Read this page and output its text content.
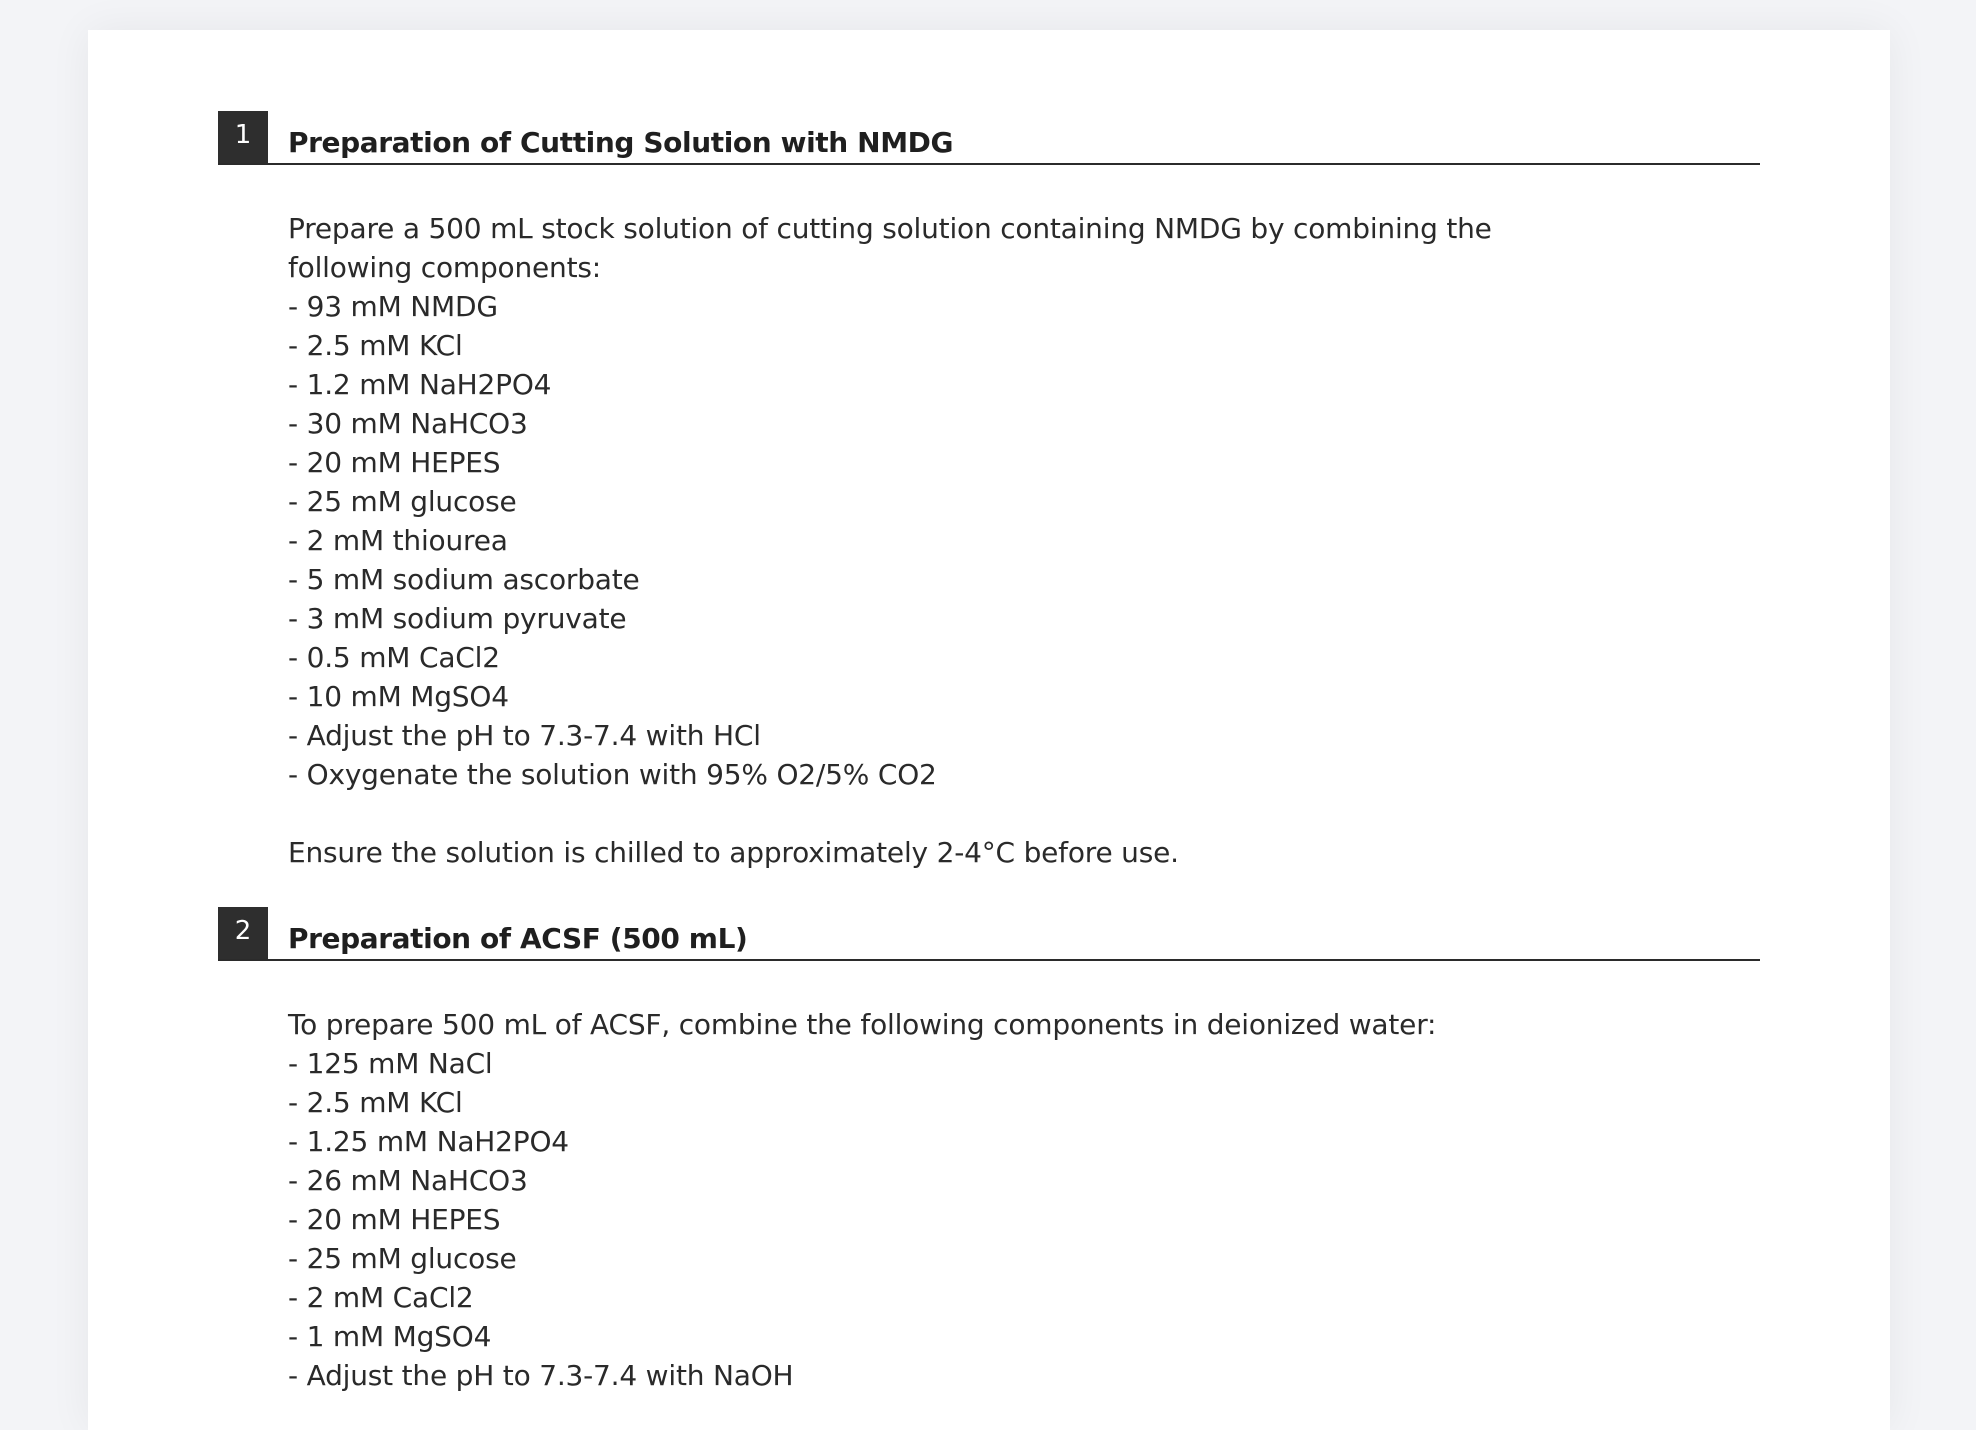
1	Preparation of Cutting Solution with NMDG

Prepare a 500 mL stock solution of cutting solution containing NMDG by combining the following components:

- 93 mM NMDG
- 2.5 mM KCl
- 1.2 mM NaH2PO4
- 30 mM NaHCO3
- 20 mM HEPES
- 25 mM glucose
- 2 mM thiourea
- 5 mM sodium ascorbate
- 3 mM sodium pyruvate
- 0.5 mM CaCl2
- 10 mM MgSO4
- Adjust the pH to 7.3-7.4 with HCl
- Oxygenate the solution with 95% O2/5% CO2

Ensure the solution is chilled to approximately 2-4°C before use.

2	Preparation of ACSF (500 mL)

To prepare 500 mL of ACSF, combine the following components in deionized water:

- 125 mM NaCl
- 2.5 mM KCl
- 1.25 mM NaH2PO4
- 26 mM NaHCO3
- 20 mM HEPES
- 25 mM glucose
- 2 mM CaCl2
- 1 mM MgSO4
- Adjust the pH to 7.3-7.4 with NaOH
